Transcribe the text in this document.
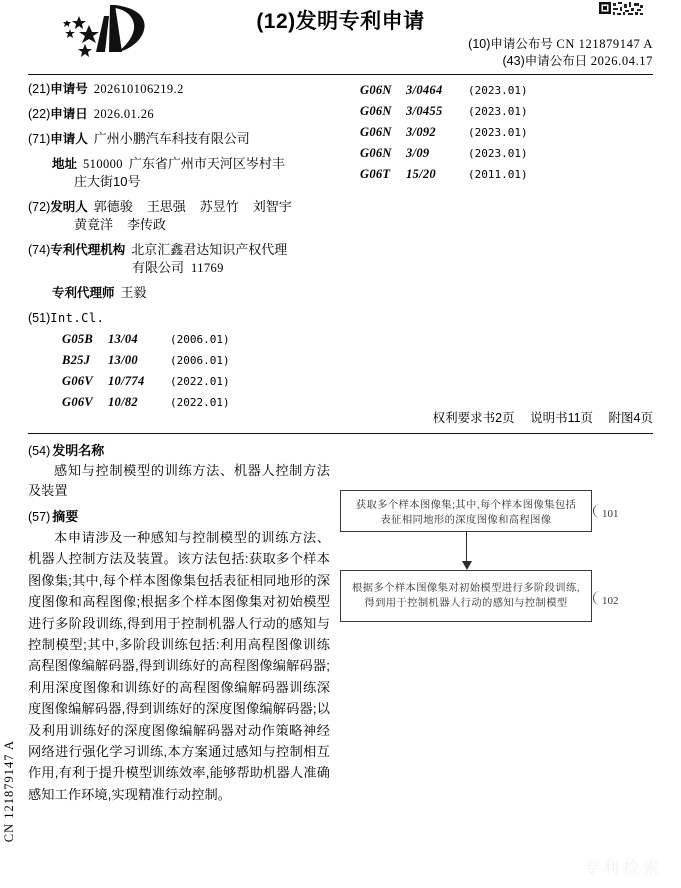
(12)发明专利申请
(10)申请公布号 CN 121879147 A
(43)申请公布日 2026.04.17
(21) 申请号 202610106219.2
(22) 申请日 2026.01.26
(71) 申请人 广州小鹏汽车科技有限公司
地址 510000 广东省广州市天河区岑村丰
庄大街10号
(72) 发明人 郭德骏 王思强 苏昱竹 刘智宇
黄竟洋 李传政
(74) 专利代理机构 北京汇鑫君达知识产权代理
有限公司 11769
专利代理师 王毅
(51) Int.Cl.
G05B 13/04	(2006.01)
B25J 13/00	(2006.01)
G06V 10/774 (2022.01)
G06V 10/82	(2022.01)
G06N 3/0464 (2023.01)
G06N 3/0455 (2023.01)
G06N 3/092	(2023.01)
G06N 3/09	(2023.01)
G06T 15/20	(2011.01)
权利要求书2页 说明书11页 附图4页
(54) 发明名称
感知与控制模型的训练方法、机器人控制方法及装置
(57) 摘要
本申请涉及一种感知与控制模型的训练方法、机器人控制方法及装置。该方法包括:获取多个样本图像集;其中,每个样本图像集包括表征相同地形的深度图像和高程图像;根据多个样本图像集对初始模型进行多阶段训练,得到用于控制机器人行动的感知与控制模型;其中,多阶段训练包括:利用高程图像训练高程图像编解码器,得到训练好的高程图像编解码器;利用深度图像和训练好的高程图像编解码器训练深度图像编解码器,得到训练好的深度图像编解码器;以及利用训练好的深度图像编解码器对动作策略神经网络进行强化学习训练,本方案通过感知与控制相互作用,有利于提升模型训练效率,能够帮助机器人准确感知工作环境,实现精准行动控制。
获取多个样本图像集;其中,每个样本图像集包括
表征相同地形的深度图像和高程图像
101
根据多个样本图像集对初始模型进行多阶段训练,
得到用于控制机器人行动的感知与控制模型	102
CN 121879147 A
专利检索
